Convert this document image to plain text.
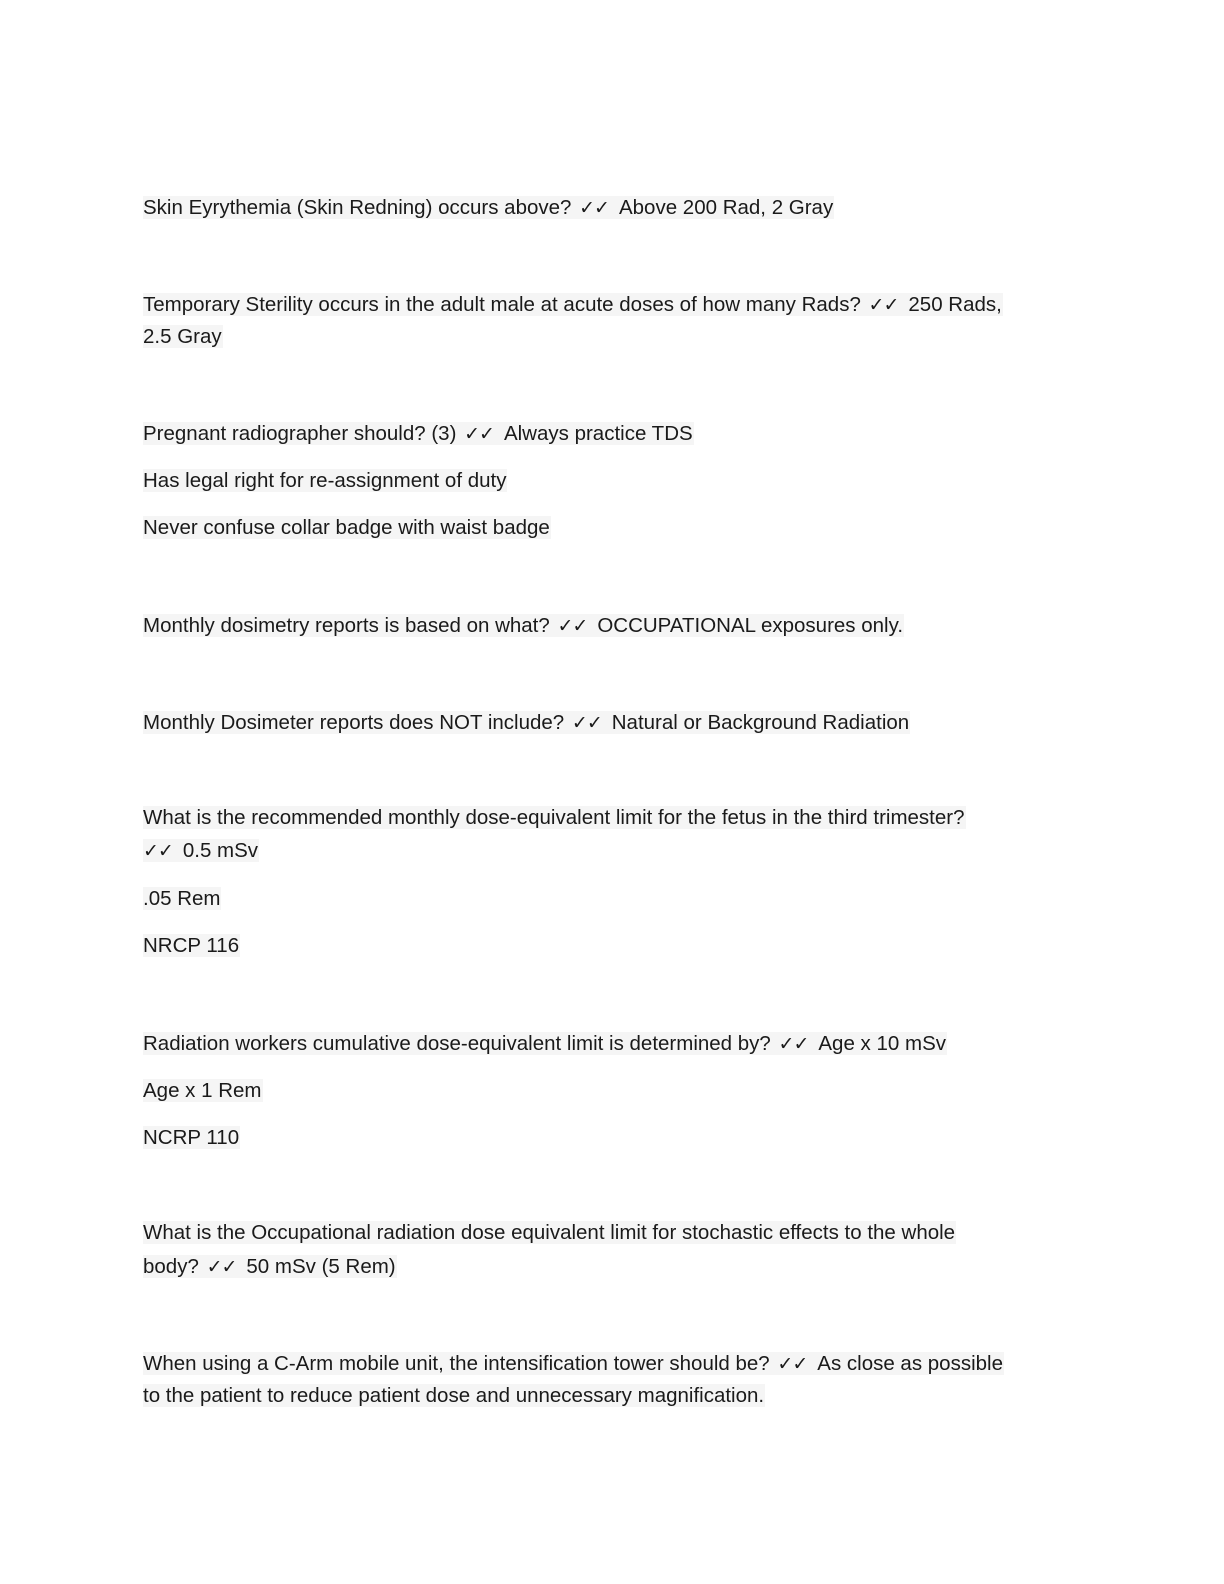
Skin Eyrythemia (Skin Redning) occurs above? ✓✓ Above 200 Rad, 2 Gray
Temporary Sterility occurs in the adult male at acute doses of how many Rads? ✓✓ 250 Rads,
2.5 Gray
Pregnant radiographer should? (3) ✓✓ Always practice TDS
Has legal right for re-assignment of duty
Never confuse collar badge with waist badge
Monthly dosimetry reports is based on what? ✓✓ OCCUPATIONAL exposures only.
Monthly Dosimeter reports does NOT include? ✓✓ Natural or Background Radiation
What is the recommended monthly dose-equivalent limit for the fetus in the third trimester?
✓✓ 0.5 mSv
.05 Rem
NRCP 116
Radiation workers cumulative dose-equivalent limit is determined by? ✓✓ Age x 10 mSv
Age x 1 Rem
NCRP 110
What is the Occupational radiation dose equivalent limit for stochastic effects to the whole
body? ✓✓ 50 mSv (5 Rem)
When using a C-Arm mobile unit, the intensification tower should be? ✓✓ As close as possible
to the patient to reduce patient dose and unnecessary magnification.
